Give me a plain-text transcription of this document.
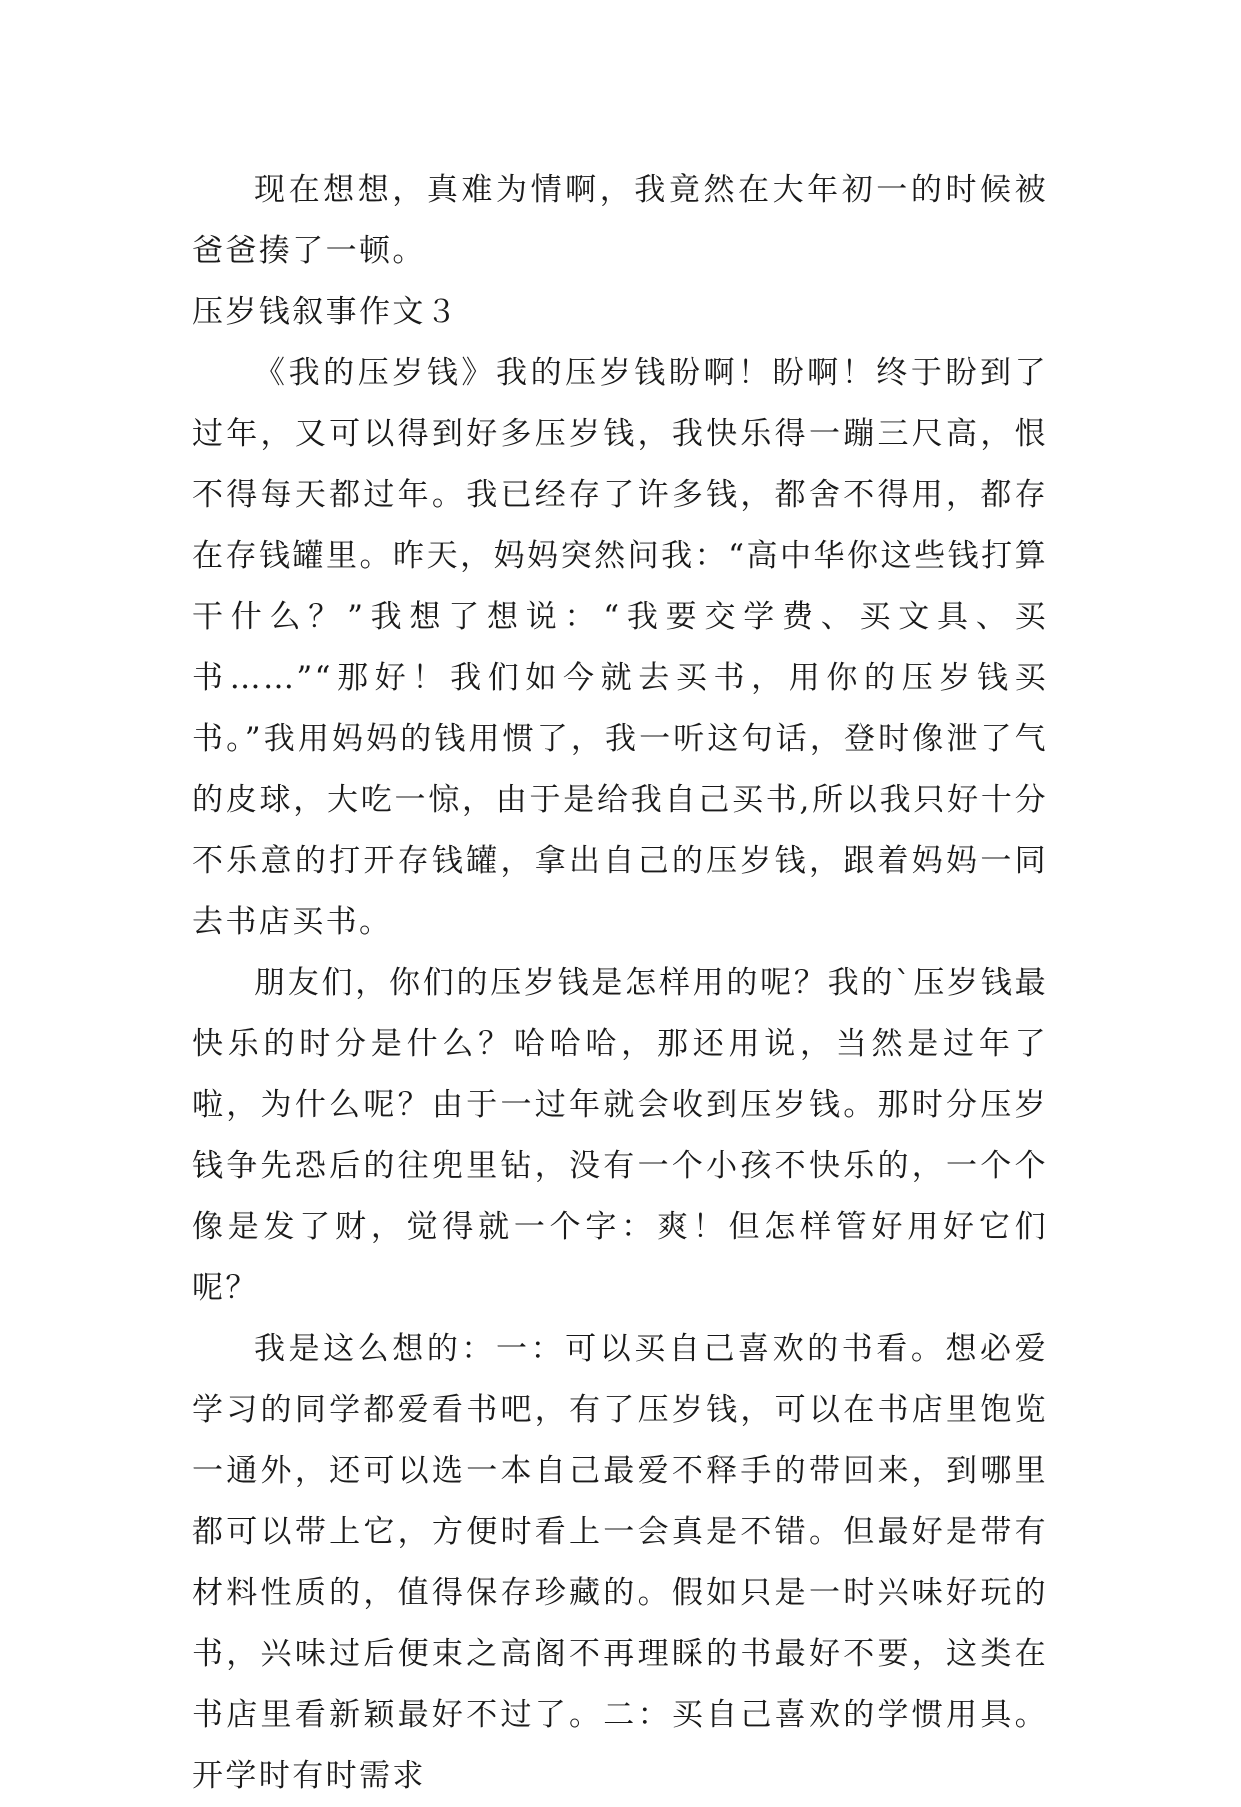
现在想想，真难为情啊，我竟然在大年初一的时候被爸爸揍了一顿。

压岁钱叙事作文３

《我的压岁钱》我的压岁钱盼啊！盼啊！终于盼到了过年，又可以得到好多压岁钱，我快乐得一蹦三尺高，恨不得每天都过年。我已经存了许多钱，都舍不得用，都存在存钱罐里。昨天，妈妈突然问我：“高中华你这些钱打算干什么？”我想了想说：“我要交学费、买文具、买书……”“那好！我们如今就去买书，用你的压岁钱买书。”我用妈妈的钱用惯了，我一听这句话，登时像泄了气的皮球，大吃一惊，由于是给我自己买书,所以我只好十分不乐意的打开存钱罐，拿出自己的压岁钱，跟着妈妈一同去书店买书。

朋友们，你们的压岁钱是怎样用的呢？我的`压岁钱最快乐的时分是什么？哈哈哈，那还用说，当然是过年了啦，为什么呢？由于一过年就会收到压岁钱。那时分压岁钱争先恐后的往兜里钻，没有一个小孩不快乐的，一个个像是发了财，觉得就一个字：爽！但怎样管好用好它们呢？

我是这么想的：一：可以买自己喜欢的书看。想必爱学习的同学都爱看书吧，有了压岁钱，可以在书店里饱览一通外，还可以选一本自己最爱不释手的带回来，到哪里都可以带上它，方便时看上一会真是不错。但最好是带有材料性质的，值得保存珍藏的。假如只是一时兴味好玩的书，兴味过后便束之高阁不再理睬的书最好不要，这类在书店里看新颖最好不过了。二：买自己喜欢的学惯用具。开学时有时需求
